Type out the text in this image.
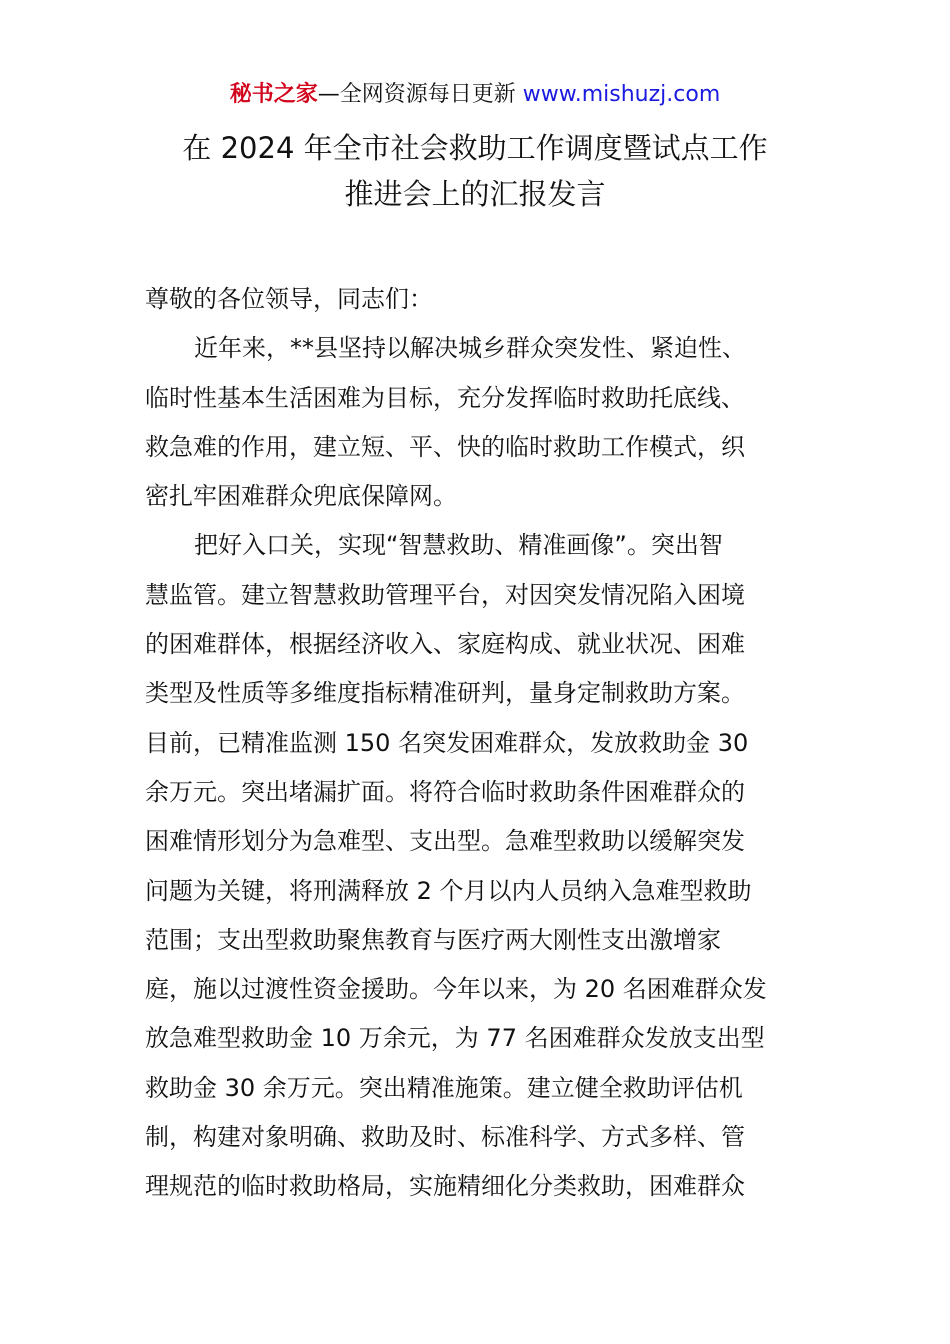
秘书之家—全网资源每日更新 www.mishuzj.com
在 2024 年全市社会救助工作调度暨试点工作
推进会上的汇报发言
尊敬的各位领导，同志们：
近年来，**县坚持以解决城乡群众突发性、紧迫性、
临时性基本生活困难为目标，充分发挥临时救助托底线、
救急难的作用，建立短、平、快的临时救助工作模式，织
密扎牢困难群众兜底保障网。
把好入口关，实现“智慧救助、精准画像”。突出智
慧监管。建立智慧救助管理平台，对因突发情况陷入困境
的困难群体，根据经济收入、家庭构成、就业状况、困难
类型及性质等多维度指标精准研判，量身定制救助方案。
目前，已精准监测 150 名突发困难群众，发放救助金 30
余万元。突出堵漏扩面。将符合临时救助条件困难群众的
困难情形划分为急难型、支出型。急难型救助以缓解突发
问题为关键，将刑满释放 2 个月以内人员纳入急难型救助
范围；支出型救助聚焦教育与医疗两大刚性支出激增家
庭，施以过渡性资金援助。今年以来，为 20 名困难群众发
放急难型救助金 10 万余元，为 77 名困难群众发放支出型
救助金 30 余万元。突出精准施策。建立健全救助评估机
制，构建对象明确、救助及时、标准科学、方式多样、管
理规范的临时救助格局，实施精细化分类救助，困难群众
